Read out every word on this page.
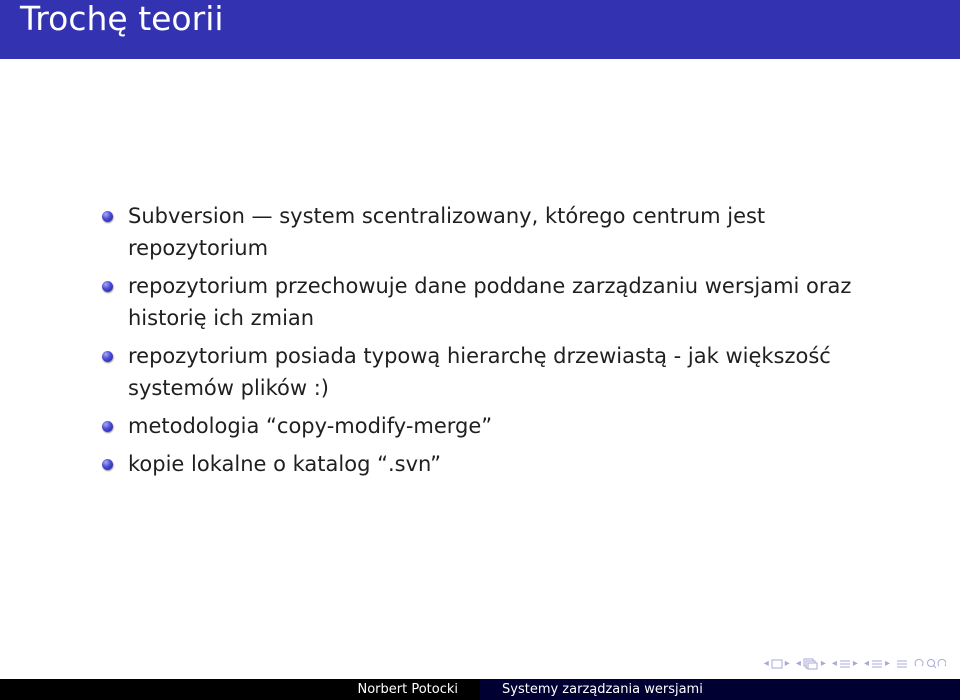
Trochę teorii
Subversion — system scentralizowany, którego centrum jest repozytorium
repozytorium przechowuje dane poddane zarządzaniu wersjami oraz historię ich zmian
repozytorium posiada typową hierarchę drzewiastą - jak większość systemów plików :)
metodologia “copy-modify-merge”
kopie lokalne o katalog “.svn”
◂ ▸ ◂ ▸ ◂ ▸ ◂ ▸
Norbert Potocki	Systemy zarządzania wersjami
